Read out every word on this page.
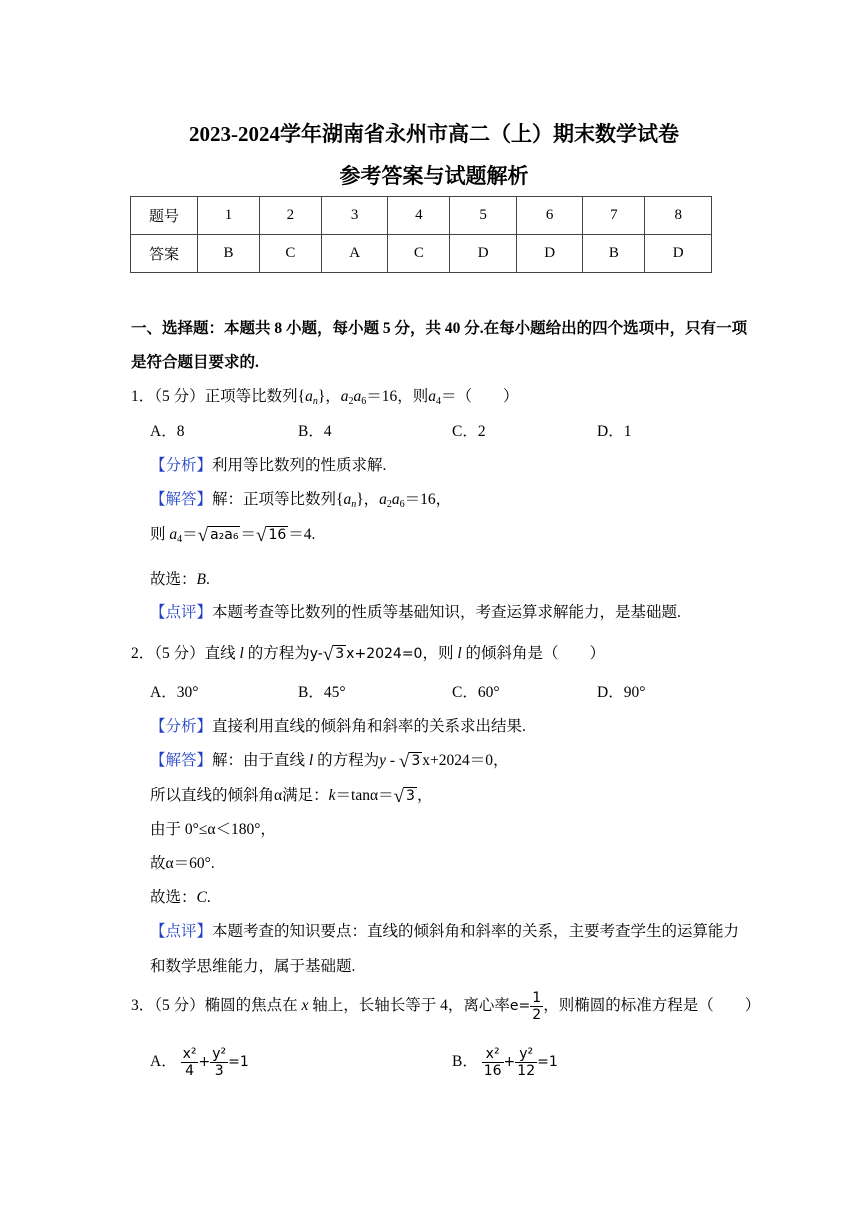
2023-2024学年湖南省永州市高二（上）期末数学试卷
参考答案与试题解析
题号	1	2	3	4	5	6	7	8
答案	B	C	A	C	D	D	B	D
一、选择题：本题共 8 小题，每小题 5 分，共 40 分.在每小题给出的四个选项中，只有一项
是符合题目要求的.
1．（5 分）正项等比数列$\{a_n\}$，$a_2a_6=16$，则$a_4=$（　　）
A．8	B．4	C．2	D．1
【分析】利用等比数列的性质求解.
【解答】解：正项等比数列$\{a_n\}$，$a_2a_6=16$，
则 $a_4=√$ a₂a₆ ＝√ 16 ＝4.
故选：B.
【点评】本题考查等比数列的性质等基础知识，考查运算求解能力，是基础题.
2．（5 分）直线 l 的方程为y-√ 3 x+2024=0，则 l 的倾斜角是（　　）
A．30°	B．45°	C．60°	D．90°
【分析】直接利用直线的倾斜角和斜率的关系求出结果.
【解答】解：由于直线 l 的方程为y - √ 3 x+2024＝0，
所以直线的倾斜角α满足：k＝tanα＝√ 3 ，
由于 0°≤α＜180°，
故α＝60°.
故选：C.
【点评】本题考查的知识要点：直线的倾斜角和斜率的关系，主要考查学生的运算能力
和数学思维能力，属于基础题.
3．（5 分）椭圆的焦点在 x 轴上，长轴长等于 4，离心率$e= \frac{1}{2}$ ，则椭圆的标准方程是（　　）
A． $\frac{\text{x²}}{4} + \frac{\text{y²}}{3} =1$	B． $\frac{\text{x²}}{16} + \frac{\text{y²}}{12} =1$
